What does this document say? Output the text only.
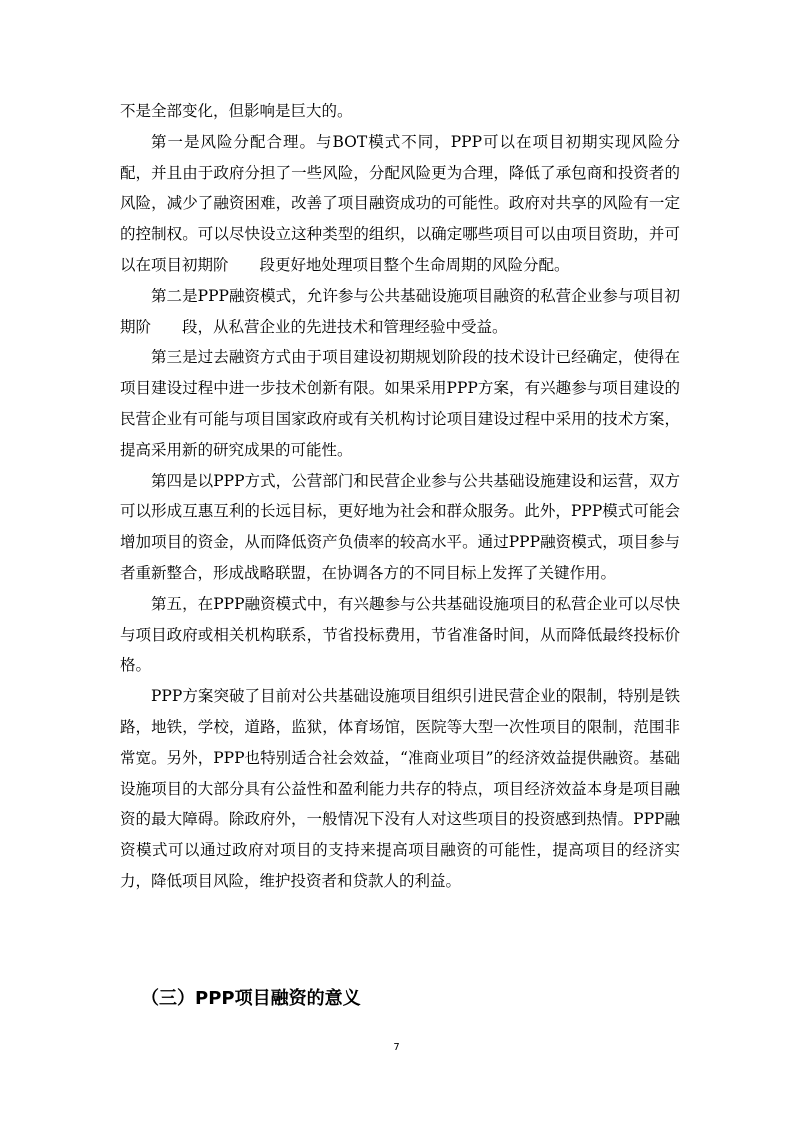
不是全部变化，但影响是巨大的。

第一是风险分配合理。与BOT模式不同，PPP可以在项目初期实现风险分配，并且由于政府分担了一些风险，分配风险更为合理，降低了承包商和投资者的风险，减少了融资困难，改善了项目融资成功的可能性。政府对共享的风险有一定的控制权。可以尽快设立这种类型的组织，以确定哪些项目可以由项目资助，并可以在项目初期阶　　段更好地处理项目整个生命周期的风险分配。

第二是PPP融资模式，允许参与公共基础设施项目融资的私营企业参与项目初期阶　　段，从私营企业的先进技术和管理经验中受益。

第三是过去融资方式由于项目建设初期规划阶段的技术设计已经确定，使得在项目建设过程中进一步技术创新有限。如果采用PPP方案，有兴趣参与项目建设的民营企业有可能与项目国家政府或有关机构讨论项目建设过程中采用的技术方案，提高采用新的研究成果的可能性。

第四是以PPP方式，公营部门和民营企业参与公共基础设施建设和运营，双方可以形成互惠互利的长远目标，更好地为社会和群众服务。此外，PPP模式可能会增加项目的资金，从而降低资产负债率的较高水平。通过PPP融资模式，项目参与者重新整合，形成战略联盟，在协调各方的不同目标上发挥了关键作用。

第五，在PPP融资模式中，有兴趣参与公共基础设施项目的私营企业可以尽快与项目政府或相关机构联系，节省投标费用，节省准备时间，从而降低最终投标价格。

PPP方案突破了目前对公共基础设施项目组织引进民营企业的限制，特别是铁路，地铁，学校，道路，监狱，体育场馆，医院等大型一次性项目的限制，范围非常宽。另外，PPP也特别适合社会效益，“准商业项目”的经济效益提供融资。基础设施项目的大部分具有公益性和盈利能力共存的特点，项目经济效益本身是项目融资的最大障碍。除政府外，一般情况下没有人对这些项目的投资感到热情。PPP融资模式可以通过政府对项目的支持来提高项目融资的可能性，提高项目的经济实力，降低项目风险，维护投资者和贷款人的利益。

（三）PPP项目融资的意义
7
